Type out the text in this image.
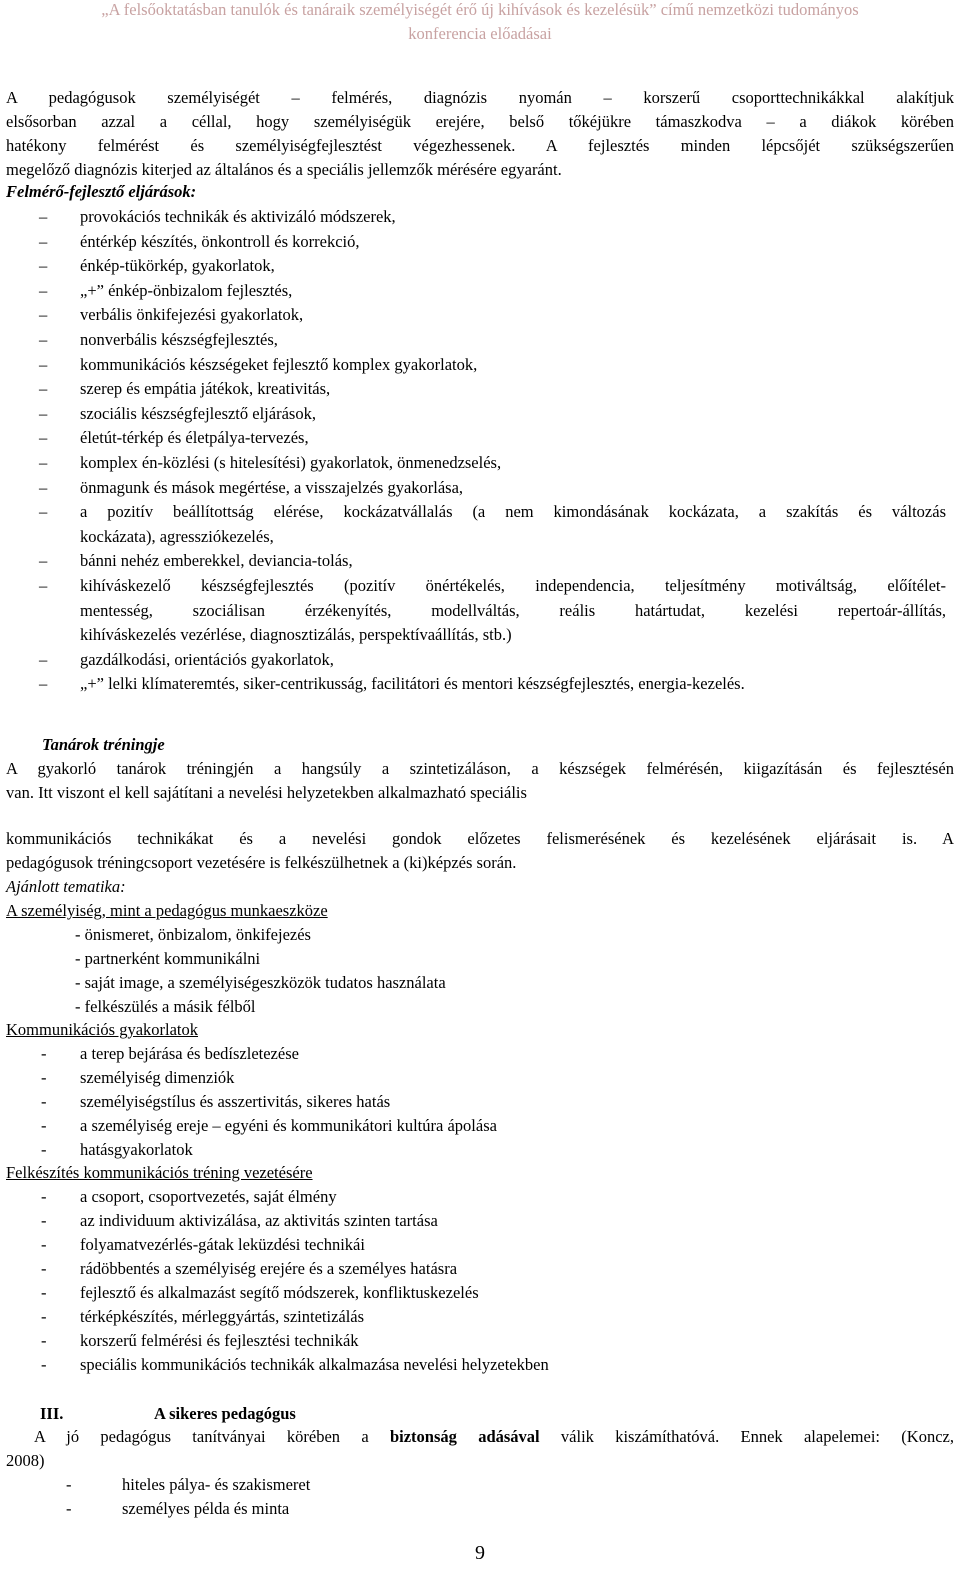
„A felsőoktatásban tanulók és tanáraik személyiségét érő új kihívások és kezelésük” című nemzetközi tudományos
konferencia előadásai
A pedagógusok személyiségét – felmérés, diagnózis nyomán – korszerű csoporttechnikákkal alakítjuk
elsősorban azzal a céllal, hogy személyiségük erejére, belső tőkéjükre támaszkodva – a diákok körében
hatékony felmérést és személyiségfejlesztést végezhessenek. A fejlesztés minden lépcsőjét szükségszerűen
megelőző diagnózis kiterjed az általános és a speciális jellemzők mérésére egyaránt.
Felmérő-fejlesztő eljárások:
– provokációs technikák és aktivizáló módszerek,
– éntérkép készítés, önkontroll és korrekció,
– énkép-tükörkép, gyakorlatok,
– „+” énkép-önbizalom fejlesztés,
– verbális önkifejezési gyakorlatok,
– nonverbális készségfejlesztés,
– kommunikációs készségeket fejlesztő komplex gyakorlatok,
– szerep és empátia játékok, kreativitás,
– szociális készségfejlesztő eljárások,
– életút-térkép és életpálya-tervezés,
– komplex én-közlési (s hitelesítési) gyakorlatok, önmenedzselés,
– önmagunk és mások megértése, a visszajelzés gyakorlása,
– a pozitív beállítottság elérése, kockázatvállalás (a nem kimondásának kockázata, a szakítás és változás
kockázata), agressziókezelés,
– bánni nehéz emberekkel, deviancia-tolás,
– kihíváskezelő készségfejlesztés (pozitív önértékelés, independencia, teljesítmény motiváltság, előítélet-
mentesség, szociálisan érzékenyítés, modellváltás, reális határtudat, kezelési repertoár-állítás,
kihíváskezelés vezérlése, diagnosztizálás, perspektívaállítás, stb.)
– gazdálkodási, orientációs gyakorlatok,
– „+” lelki klímateremtés, siker-centrikusság, facilitátori és mentori készségfejlesztés, energia-kezelés.
Tanárok tréningje
A gyakorló tanárok tréningjén a hangsúly a szintetizáláson, a készségek felmérésén, kiigazításán és fejlesztésén
van. Itt viszont el kell sajátítani a nevelési helyzetekben alkalmazható speciális
kommunikációs technikákat és a nevelési gondok előzetes felismerésének és kezelésének eljárásait is. A
pedagógusok tréningcsoport vezetésére is felkészülhetnek a (ki)képzés során.
Ajánlott tematika:
A személyiség, mint a pedagógus munkaeszköze
- önismeret, önbizalom, önkifejezés
- partnerként kommunikálni
- saját image, a személyiségeszközök tudatos használata
- felkészülés a másik félből
Kommunikációs gyakorlatok
- a terep bejárása és bedíszletezése
- személyiség dimenziók
- személyiségstílus és asszertivitás, sikeres hatás
- a személyiség ereje – egyéni és kommunikátori kultúra ápolása
- hatásgyakorlatok
Felkészítés kommunikációs tréning vezetésére
- a csoport, csoportvezetés, saját élmény
- az individuum aktivizálása, az aktivitás szinten tartása
- folyamatvezérlés-gátak leküzdési technikái
- rádöbbentés a személyiség erejére és a személyes hatásra
- fejlesztő és alkalmazást segítő módszerek, konfliktuskezelés
- térképkészítés, mérleggyártás, szintetizálás
- korszerű felmérési és fejlesztési technikák
- speciális kommunikációs technikák alkalmazása nevelési helyzetekben
III.	A sikeres pedagógus
A jó pedagógus tanítványai körében a biztonság adásával válik kiszámíthatóvá. Ennek alapelemei: (Koncz,
2008)
-	hiteles pálya- és szakismeret
-	személyes példa és minta
9
